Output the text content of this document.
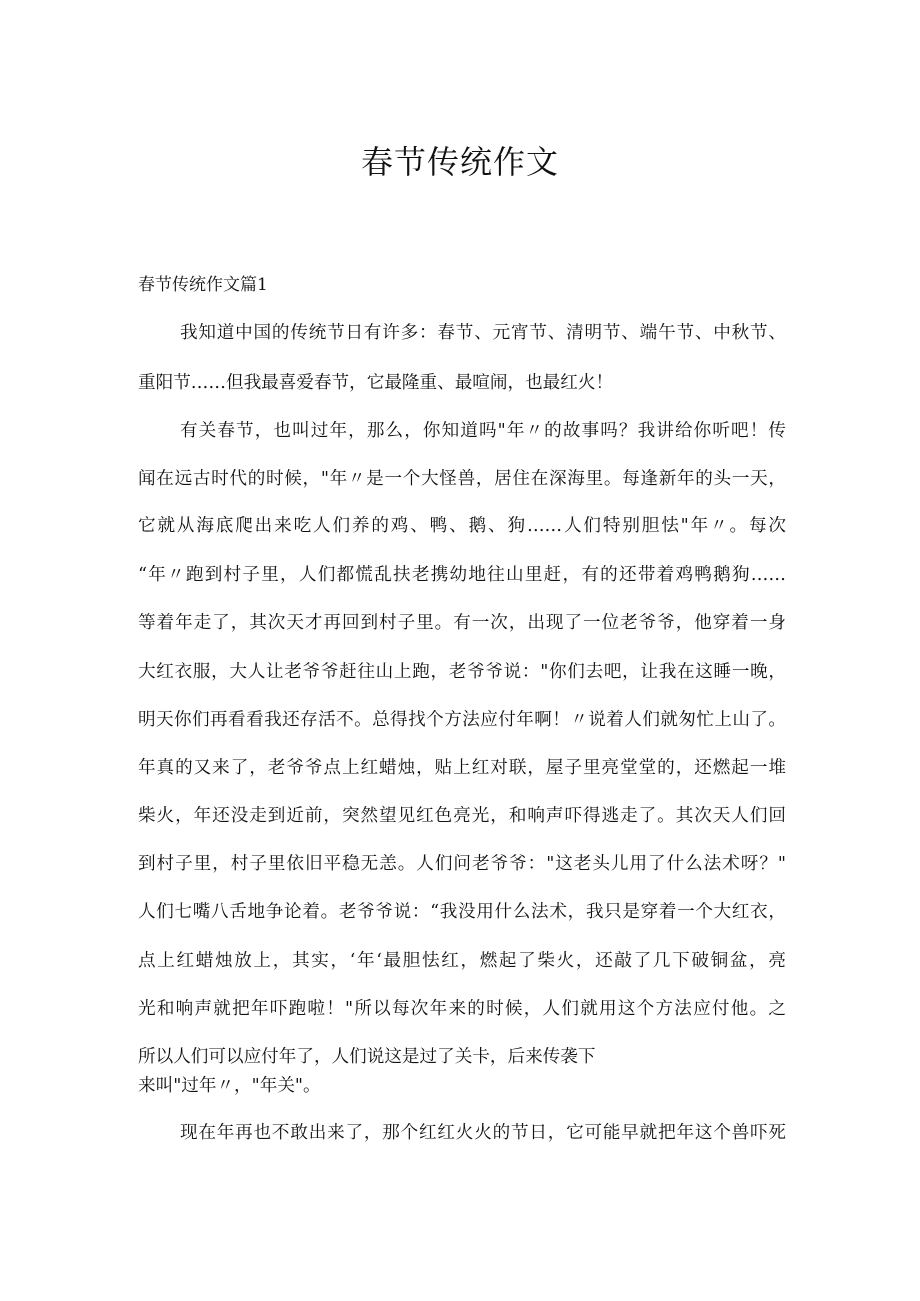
春节传统作文
春节传统作文篇1
我知道中国的传统节日有许多：春节、元宵节、清明节、端午节、中秋节、
重阳节……但我最喜爱春节，它最隆重、最喧闹，也最红火！
有关春节，也叫过年，那么，你知道吗"年〃的故事吗？我讲给你听吧！传
闻在远古时代的时候，"年〃是一个大怪兽，居住在深海里。每逢新年的头一天，
它就从海底爬出来吃人们养的鸡、鸭、鹅、狗……人们特别胆怯"年〃。每次
“年〃跑到村子里，人们都慌乱扶老携幼地往山里赶，有的还带着鸡鸭鹅狗……
等着年走了，其次天才再回到村子里。有一次，出现了一位老爷爷，他穿着一身
大红衣服，大人让老爷爷赶往山上跑，老爷爷说："你们去吧，让我在这睡一晚，
明天你们再看看我还存活不。总得找个方法应付年啊！〃说着人们就匆忙上山了。
年真的又来了，老爷爷点上红蜡烛，贴上红对联，屋子里亮堂堂的，还燃起一堆
柴火，年还没走到近前，突然望见红色亮光，和响声吓得逃走了。其次天人们回
到村子里，村子里依旧平稳无恙。人们问老爷爷："这老头儿用了什么法术呀？"
人们七嘴八舌地争论着。老爷爷说：“我没用什么法术，我只是穿着一个大红衣，
点上红蜡烛放上，其实，‘年‘最胆怯红，燃起了柴火，还敲了几下破铜盆，亮
光和响声就把年吓跑啦！"所以每次年来的时候，人们就用这个方法应付他。之
所以人们可以应付年了，人们说这是过了关卡，后来传袭下
来叫"过年〃，"年关"。
现在年再也不敢出来了，那个红红火火的节日，它可能早就把年这个兽吓死
